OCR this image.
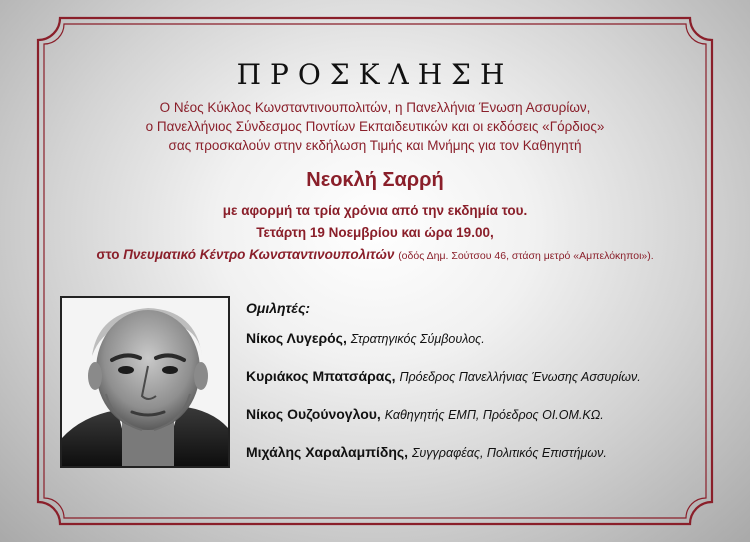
ΠΡΟΣΚΛΗΣΗ
Ο Νέος Κύκλος Κωνσταντινουπολιτών, η Πανελλήνια Ένωση Ασσυρίων,
ο Πανελλήνιος Σύνδεσμος Ποντίων Εκπαιδευτικών και οι εκδόσεις «Γόρδιος»
σας προσκαλούν στην εκδήλωση Τιμής και Μνήμης για τον Καθηγητή
Νεοκλή Σαρρή
με αφορμή τα τρία χρόνια από την εκδημία του.
Τετάρτη 19 Νοεμβρίου και ώρα 19.00,
στο Πνευματικό Κέντρο Κωνσταντινουπολιτών (οδός Δημ. Σούτσου 46, στάση μετρό «Αμπελόκηποι»).
Ομιλητές:
Νίκος Λυγερός, Στρατηγικός Σύμβουλος.
Κυριάκος Μπατσάρας, Πρόεδρος Πανελλήνιας Ένωσης Ασσυρίων.
Νίκος Ουζούνογλου, Καθηγητής ΕΜΠ, Πρόεδρος ΟΙ.ΟΜ.ΚΩ.
Μιχάλης Χαραλαμπίδης, Συγγραφέας, Πολιτικός Επιστήμων.
